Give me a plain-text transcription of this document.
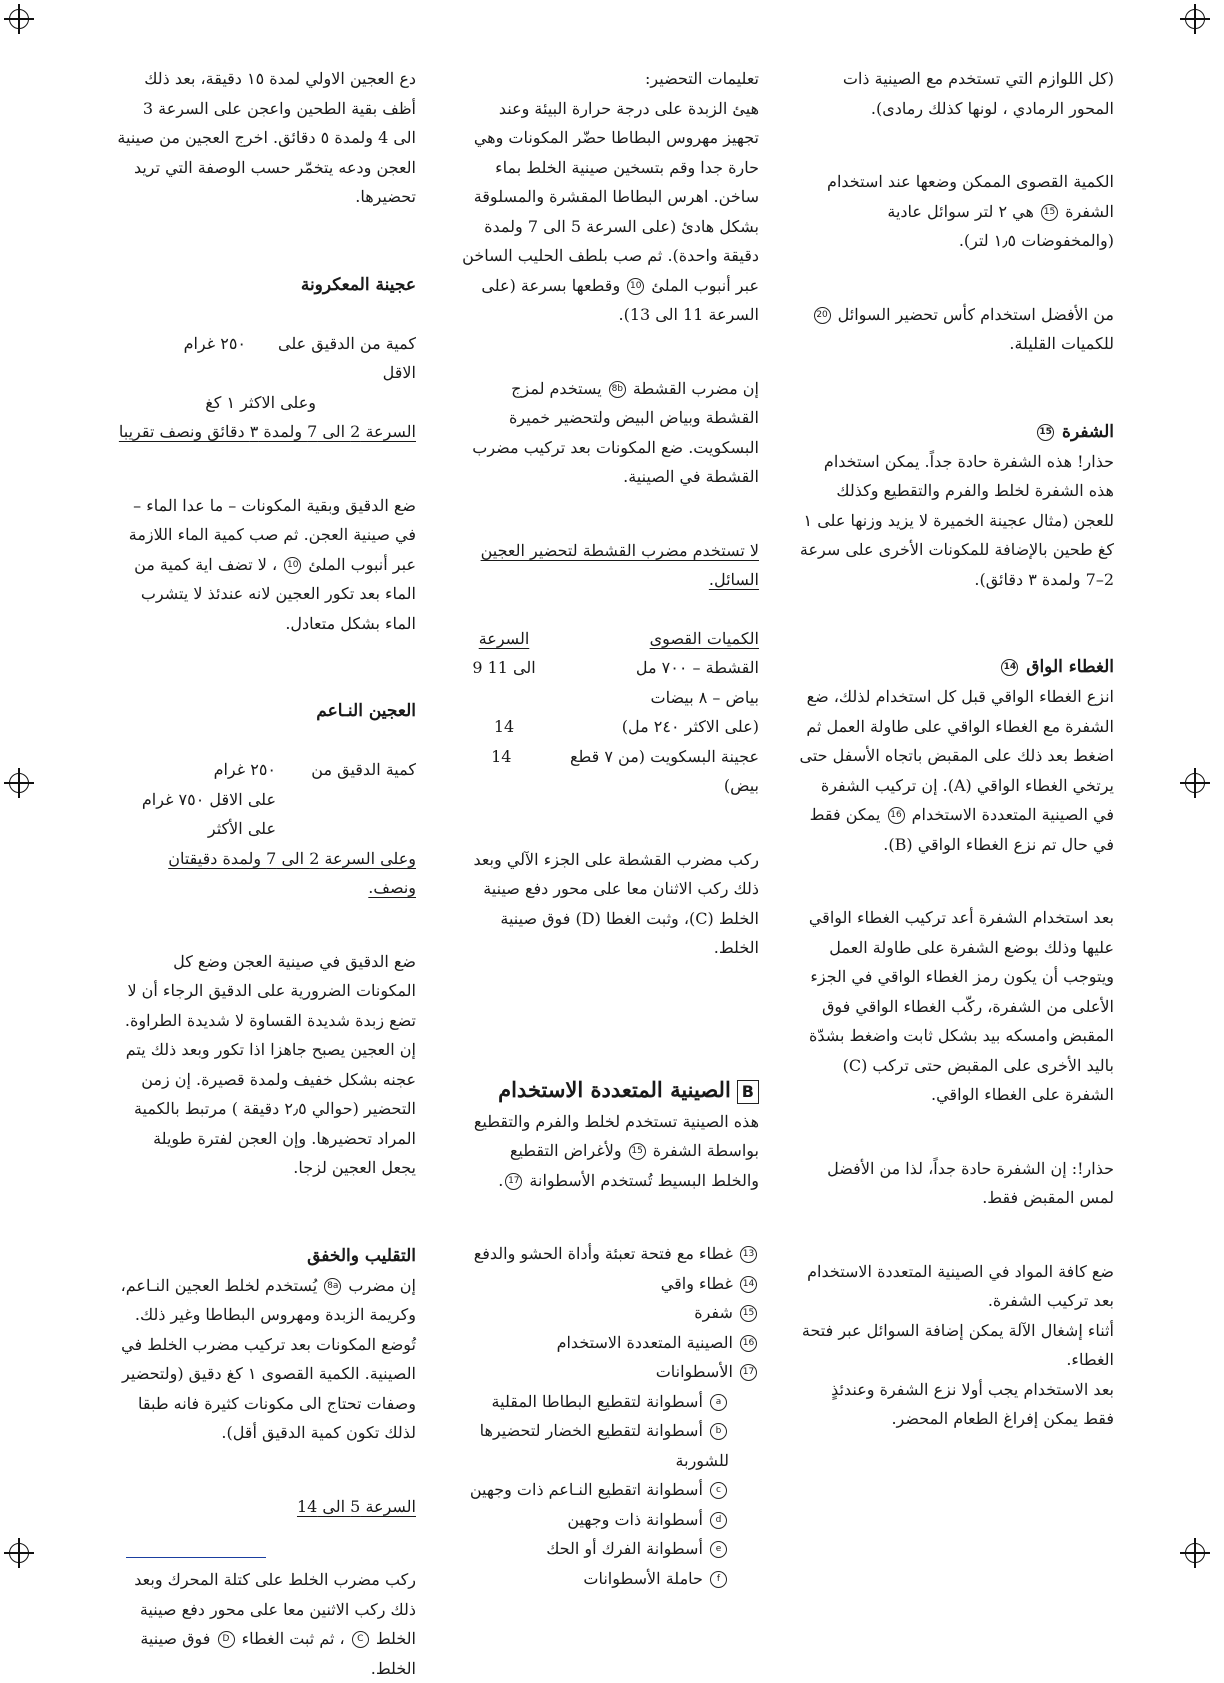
دع العجين الاولي لمدة ١٥ دقيقة، بعد ذلك أظف بقية الطحين واعجن على السرعة 3 الى 4 ولمدة ٥ دقائق. اخرج العجين من صينية العجن ودعه يتخمّر حسب الوصفة التي تريد تحضيرها.

عجينة المعكرونة
كمية من الدقيق على الاقل
٢٥٠ غرام

وعلى الاكثر ١ كغ

السرعة 2 الى 7 ولمدة ٣ دقائق ونصف تقريبا

ضع الدقيق وبقية المكونات – ما عدا الماء – في صينية العجن. ثم صب كمية الماء اللازمة عبر أنبوب الملئ 10 ، لا تضف اية كمية من الماء بعد تكور العجين لانه عندئذ لا يتشرب الماء بشكل متعادل.

العجين النـاعم
كمية الدقيق من
٢٥٠ غرام

على الاقل ٧٥٠ غرام

على الأكثر

وعلى السرعة 2 الى 7 ولمدة دقيقتان ونصف.

ضع الدقيق في صينية العجن وضع كل المكونات الضرورية على الدقيق الرجاء أن لا تضع زبدة شديدة القساوة لا شديدة الطراوة. إن العجين يصبح جاهزا اذا تكور وبعد ذلك يتم عجنه بشكل خفيف ولمدة قصيرة. إن زمن التحضير (حوالي ٢٫٥ دقيقة ) مرتبط بالكمية المراد تحضيرها. وإن العجن لفترة طويلة يجعل العجين لزجا.

التقليب والخفق

إن مضرب 8a يُستخدم لخلط العجين النـاعم، وكريمة الزبدة ومهروس البطاطا وغير ذلك. تُوضع المكونات بعد تركيب مضرب الخلط في الصينية. الكمية القصوى ١ كغ دقيق (ولتحضير وصفات تحتاج الى مكونات كثيرة فانه طبقا لذلك تكون كمية الدقيق أقل).

السرعة 5 الى 14

ركب مضرب الخلط على كتلة المحرك وبعد ذلك ركب الاثنين معا على محور دفع صينية الخلط C ، ثم ثبت الغطاء D فوق صينية الخلط.

تعليمات التحضير:

هيئ الزبدة على درجة حرارة البيئة وعند تجهيز مهروس البطاطا حضّر المكونات وهي حارة جدا وقم بتسخين صينية الخلط بماء ساخن. اهرس البطاطا المقشرة والمسلوقة بشكل هادئ (على السرعة 5 الى 7 ولمدة دقيقة واحدة). ثم صب بلطف الحليب الساخن عبر أنبوب الملئ 10 وقطعها بسرعة (على السرعة 11 الى 13).

إن مضرب القشطة 8b يستخدم لمزج القشطة وبياض البيض ولتحضير خميرة البسكويت. ضع المكونات بعد تركيب مضرب القشطة في الصينية.

لا تستخدم مضرب القشطة لتحضير العجين السائل.

الكميات القصوى
السرعة
القشطة – ٧٠٠ مل
9 الى 11
بياض – ٨ بيضات
(على الاكثر ٢٤٠ مل)
14
عجينة البسكويت (من ٧ قطع بيض)
14

ركب مضرب القشطة على الجزء الآلي وبعد ذلك ركب الاثنان معا على محور دفع صينية الخلط (C)، وثبت الغطا (D) فوق صينية الخلط.

Bالصينية المتعددة الاستخدام

هذه الصينية تستخدم لخلط والفرم والتقطيع بواسطة الشفرة 15 ولأغراض التقطيع والخلط البسيط تُستخدم الأسطوانة 17.

13 غطاء مع فتحة تعبئة وأداة الحشو والدفع
14 غطاء واقي
15 شفرة
16 الصينية المتعددة الاستخدام
17 الأسطوانات
a أسطوانة لتقطيع البطاطا المقلية
b أسطوانة لتقطيع الخضار لتحضيرها للشوربة
c أسطوانة اتقطيع النـاعم ذات وجهين
d أسطوانة ذات وجهين
e أسطوانة الفرك أو الحك
f حاملة الأسطوانات

(كل اللوازم التي تستخدم مع الصينية ذات المحور الرمادي ، لونها كذلك رمادى).

الكمية القصوى الممكن وضعها عند استخدام الشفرة 15 هي ٢ لتر سوائل عادية (والمخفوضات ١٫٥ لتر).

من الأفضل استخدام كأس تحضير السوائل 20 للكميات القليلة.

الشفرة 15

حذار! هذه الشفرة حادة جداً. يمكن استخدام هذه الشفرة لخلط والفرم والتقطيع وكذلك للعجن (مثال عجينة الخميرة لا يزيد وزنها على ١ كغ طحين بالإضافة للمكونات الأخرى على سرعة 2–7 ولمدة ٣ دقائق).

الغطاء الواق 14

انزع الغطاء الواقي قبل كل استخدام لذلك، ضع الشفرة مع الغطاء الواقي على طاولة العمل ثم اضغط بعد ذلك على المقبض باتجاه الأسفل حتى يرتخي الغطاء الواقي (A). إن تركيب الشفرة في الصينية المتعددة الاستخدام 16 يمكن فقط في حال تم نزع الغطاء الواقي (B).

بعد استخدام الشفرة أعد تركيب الغطاء الواقي عليها وذلك بوضع الشفرة على طاولة العمل ويتوجب أن يكون رمز الغطاء الواقي في الجزء الأعلى من الشفرة، ركّب الغطاء الواقي فوق المقبض وامسكه بيد بشكل ثابت واضغط بشدّة باليد الأخرى على المقبض حتى تركب (C) الشفرة على الغطاء الواقي.

حذار!: إن الشفرة حادة جداً، لذا من الأفضل لمس المقبض فقط.

ضع كافة المواد في الصينية المتعددة الاستخدام بعد تركيب الشفرة.

أثناء إشغال الآلة يمكن إضافة السوائل عبر فتحة الغطاء.

بعد الاستخدام يجب أولا نزع الشفرة وعندئذٍ فقط يمكن إفراغ الطعام المحضر.
